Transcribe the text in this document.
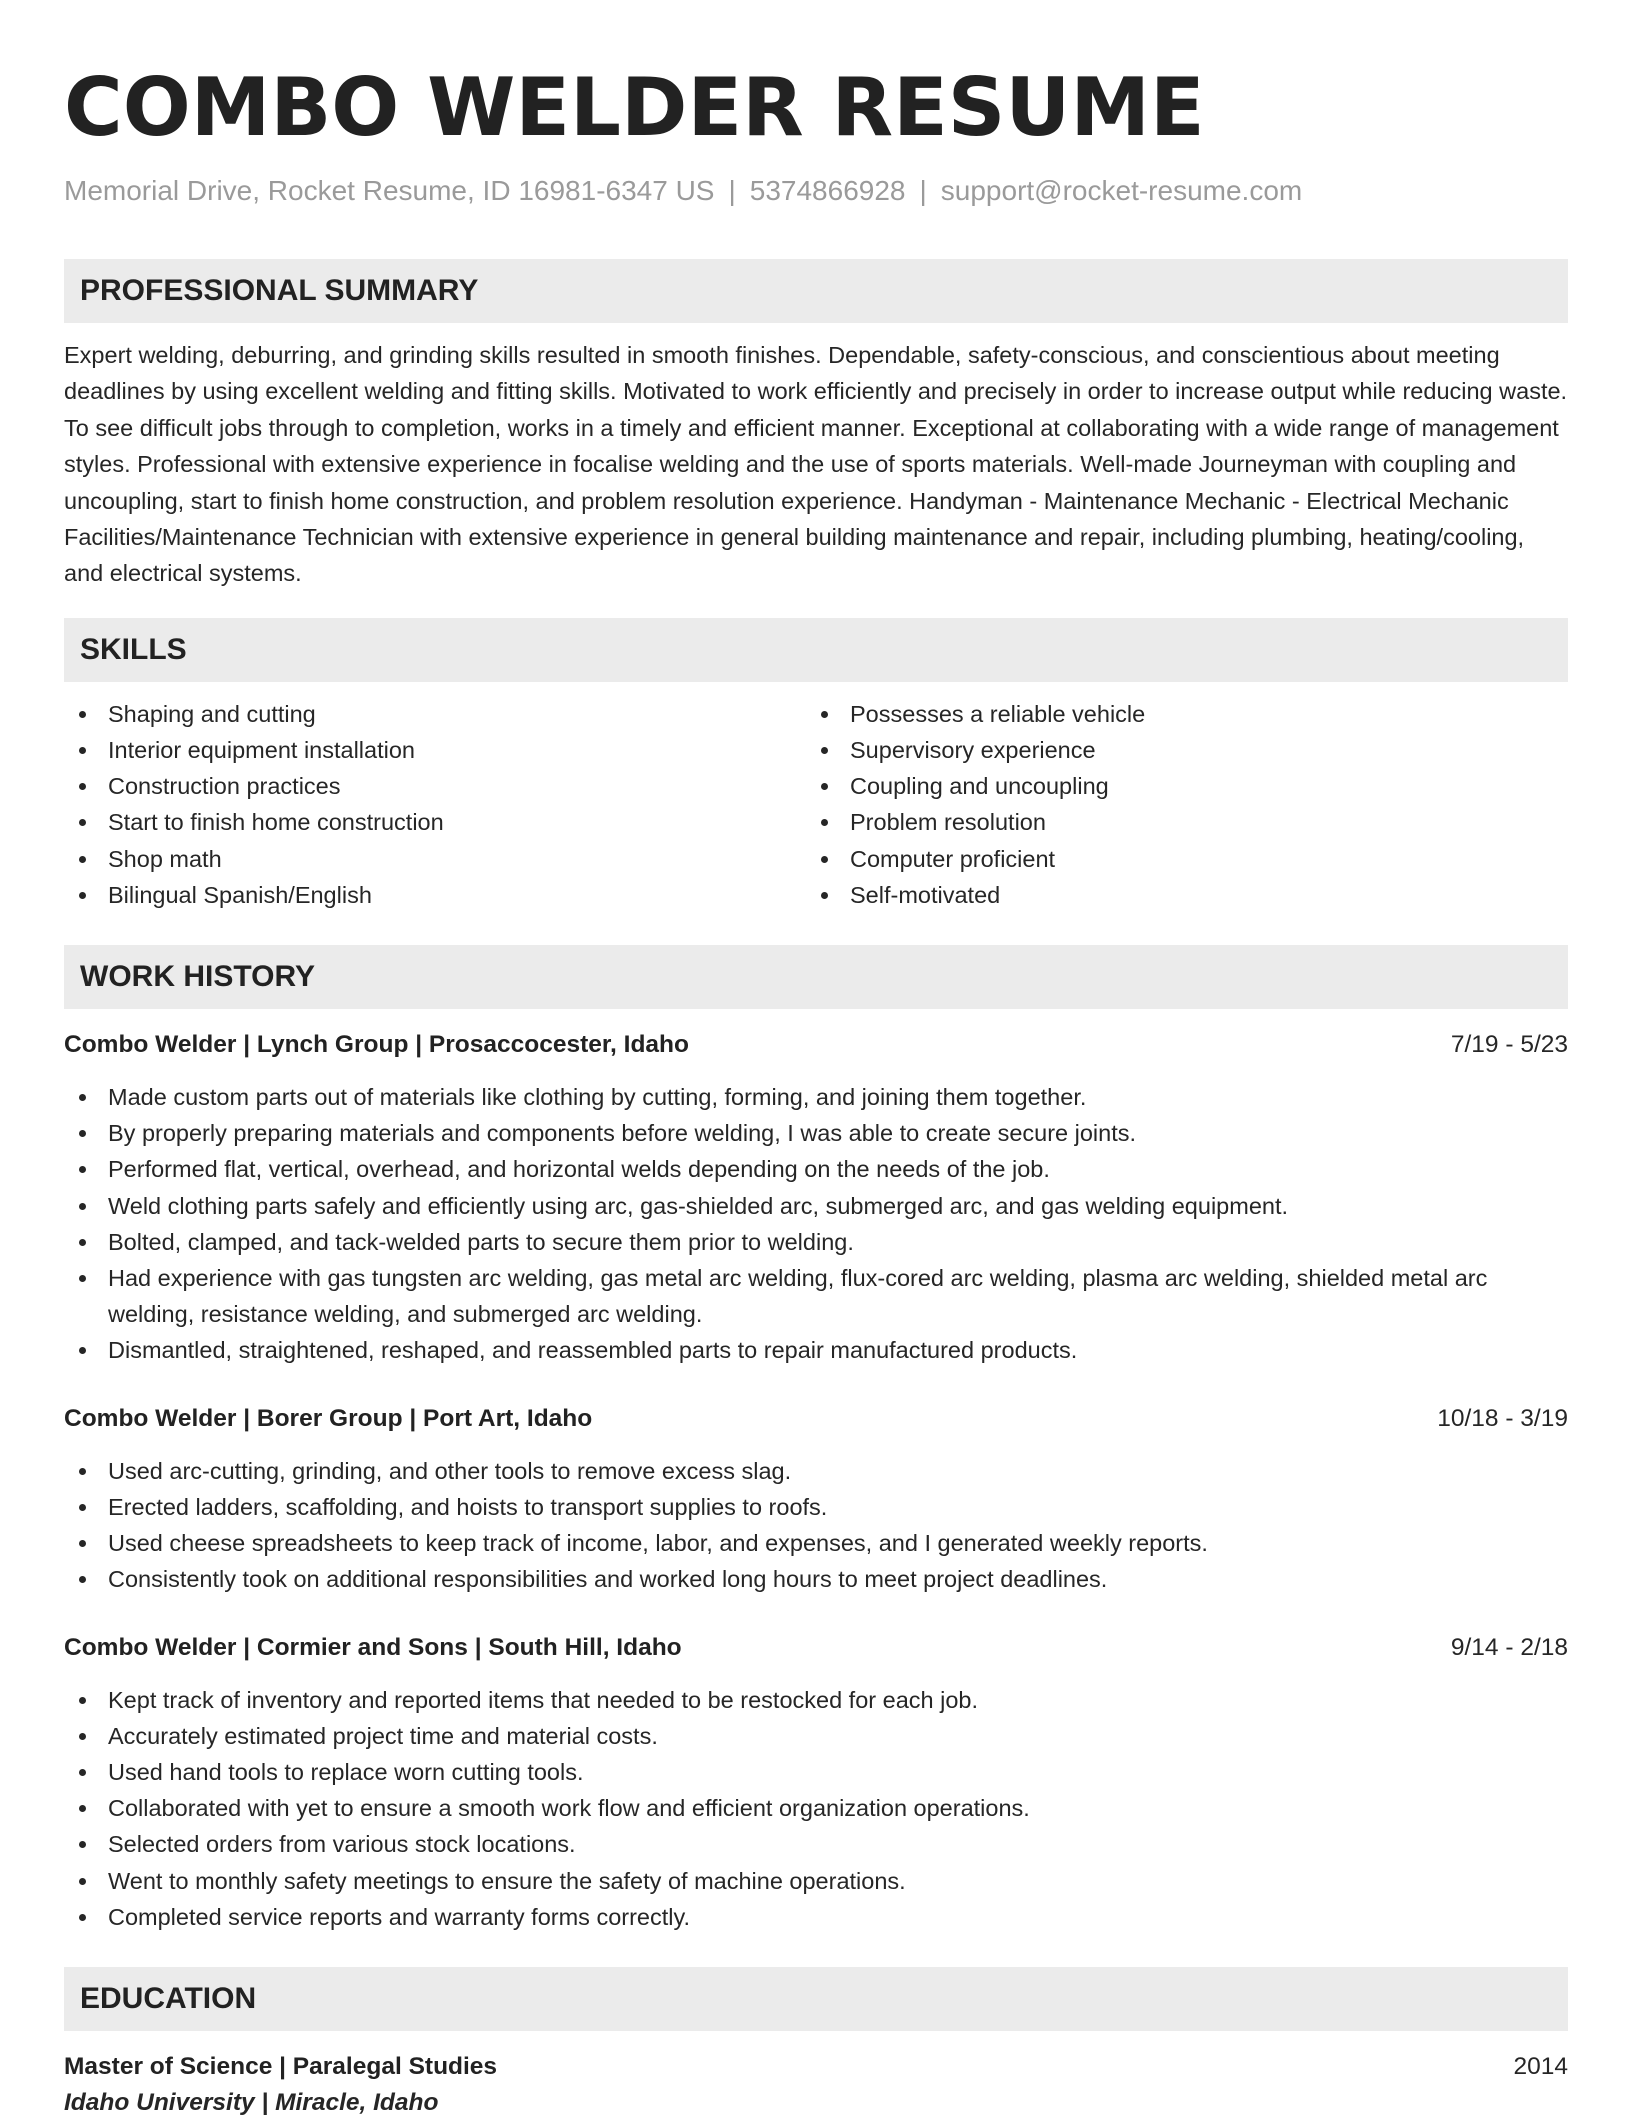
COMBO WELDER RESUME
Memorial Drive, Rocket Resume, ID 16981-6347 US | 5374866928 | support@rocket-resume.com
PROFESSIONAL SUMMARY

Expert welding, deburring, and grinding skills resulted in smooth finishes. Dependable, safety-conscious, and conscientious about meeting deadlines by using excellent welding and fitting skills. Motivated to work efficiently and precisely in order to increase output while reducing waste. To see difficult jobs through to completion, works in a timely and efficient manner. Exceptional at collaborating with a wide range of management styles. Professional with extensive experience in focalise welding and the use of sports materials. Well-made Journeyman with coupling and uncoupling, start to finish home construction, and problem resolution experience. Handyman - Maintenance Mechanic - Electrical Mechanic Facilities/Maintenance Technician with extensive experience in general building maintenance and repair, including plumbing, heating/cooling, and electrical systems.

SKILLS
Shaping and cutting
Interior equipment installation
Construction practices
Start to finish home construction
Shop math
Bilingual Spanish/English
Possesses a reliable vehicle
Supervisory experience
Coupling and uncoupling
Problem resolution
Computer proficient
Self-motivated
WORK HISTORY
Combo Welder | Lynch Group | Prosaccocester, Idaho	7/19 - 5/23
Made custom parts out of materials like clothing by cutting, forming, and joining them together.
By properly preparing materials and components before welding, I was able to create secure joints.
Performed flat, vertical, overhead, and horizontal welds depending on the needs of the job.
Weld clothing parts safely and efficiently using arc, gas-shielded arc, submerged arc, and gas welding equipment.
Bolted, clamped, and tack-welded parts to secure them prior to welding.
Had experience with gas tungsten arc welding, gas metal arc welding, flux-cored arc welding, plasma arc welding, shielded metal arc welding, resistance welding, and submerged arc welding.
Dismantled, straightened, reshaped, and reassembled parts to repair manufactured products.
Combo Welder | Borer Group | Port Art, Idaho	10/18 - 3/19
Used arc-cutting, grinding, and other tools to remove excess slag.
Erected ladders, scaffolding, and hoists to transport supplies to roofs.
Used cheese spreadsheets to keep track of income, labor, and expenses, and I generated weekly reports.
Consistently took on additional responsibilities and worked long hours to meet project deadlines.
Combo Welder | Cormier and Sons | South Hill, Idaho	9/14 - 2/18
Kept track of inventory and reported items that needed to be restocked for each job.
Accurately estimated project time and material costs.
Used hand tools to replace worn cutting tools.
Collaborated with yet to ensure a smooth work flow and efficient organization operations.
Selected orders from various stock locations.
Went to monthly safety meetings to ensure the safety of machine operations.
Completed service reports and warranty forms correctly.
EDUCATION
Master of Science | Paralegal Studies	2014
Idaho University | Miracle, Idaho
